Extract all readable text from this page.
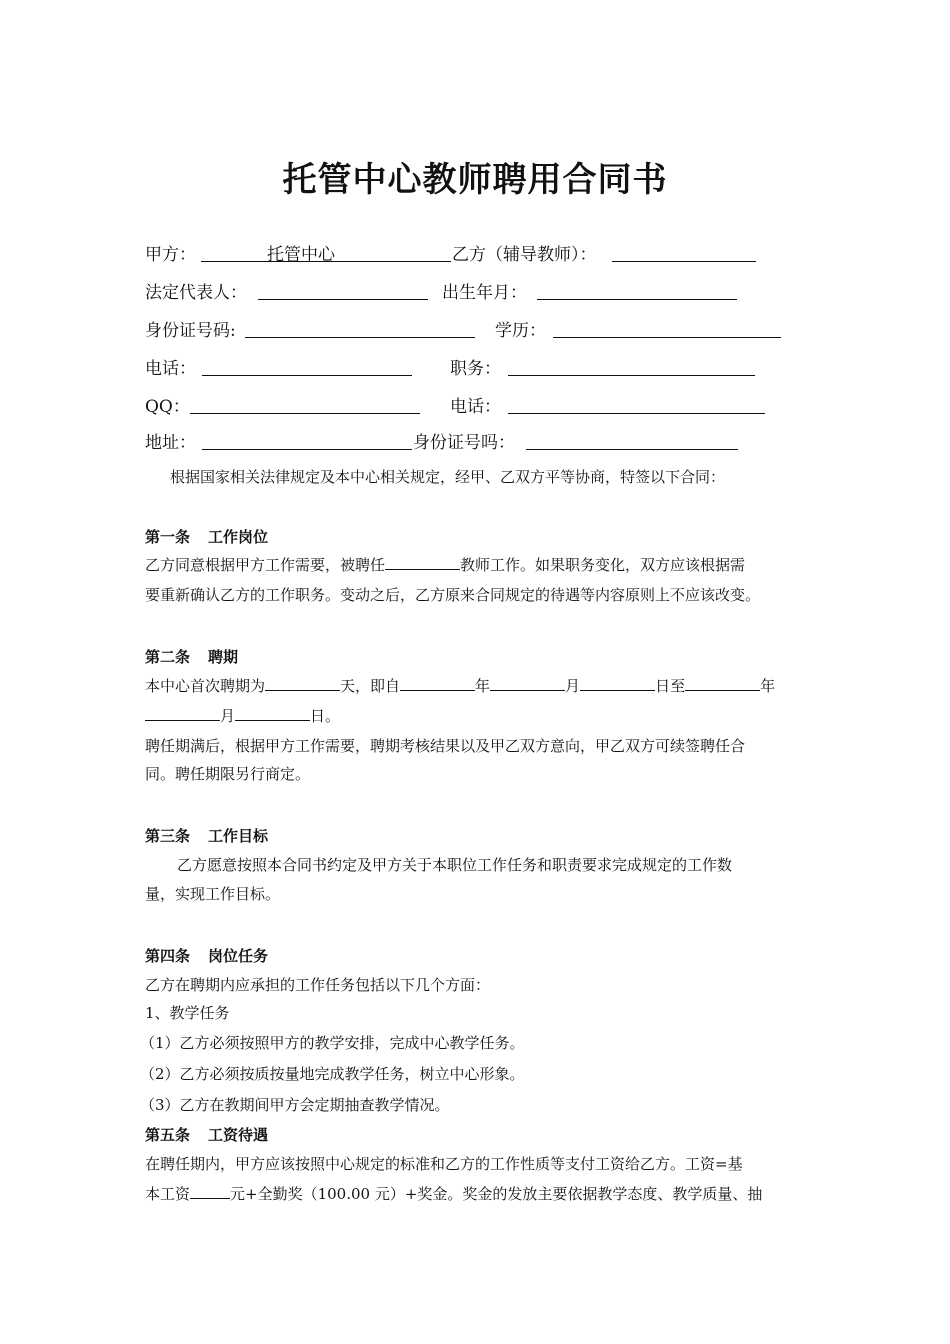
托管中心教师聘用合同书
甲方：	托管中心	乙方（辅导教师）：
法定代表人：	出生年月：
身份证号码:	学历：
电话：	职务：
QQ：	电话：
地址：	身份证号吗：
根据国家相关法律规定及本中心相关规定，经甲、乙双方平等协商，特签以下合同：
第一条 工作岗位
乙方同意根据甲方工作需要，被聘任	教师工作。如果职务变化，双方应该根据需
要重新确认乙方的工作职务。变动之后，乙方原来合同规定的待遇等内容原则上不应该改变。
第二条 聘期
本中心首次聘期为	天，即自	年	月	日至	年
月	日。
聘任期满后，根据甲方工作需要，聘期考核结果以及甲乙双方意向，甲乙双方可续签聘任合
同。聘任期限另行商定。
第三条 工作目标
乙方愿意按照本合同书约定及甲方关于本职位工作任务和职责要求完成规定的工作数
量，实现工作目标。
第四条 岗位任务
乙方在聘期内应承担的工作任务包括以下几个方面：
1、教学任务
（1）乙方必须按照甲方的教学安排，完成中心教学任务。
（2）乙方必须按质按量地完成教学任务，树立中心形象。
（3）乙方在教期间甲方会定期抽查教学情况。
第五条 工资待遇
在聘任期内，甲方应该按照中心规定的标准和乙方的工作性质等支付工资给乙方。工资=基
本工资	元+全勤奖（100.00 元）+奖金。奖金的发放主要依据教学态度、教学质量、抽
